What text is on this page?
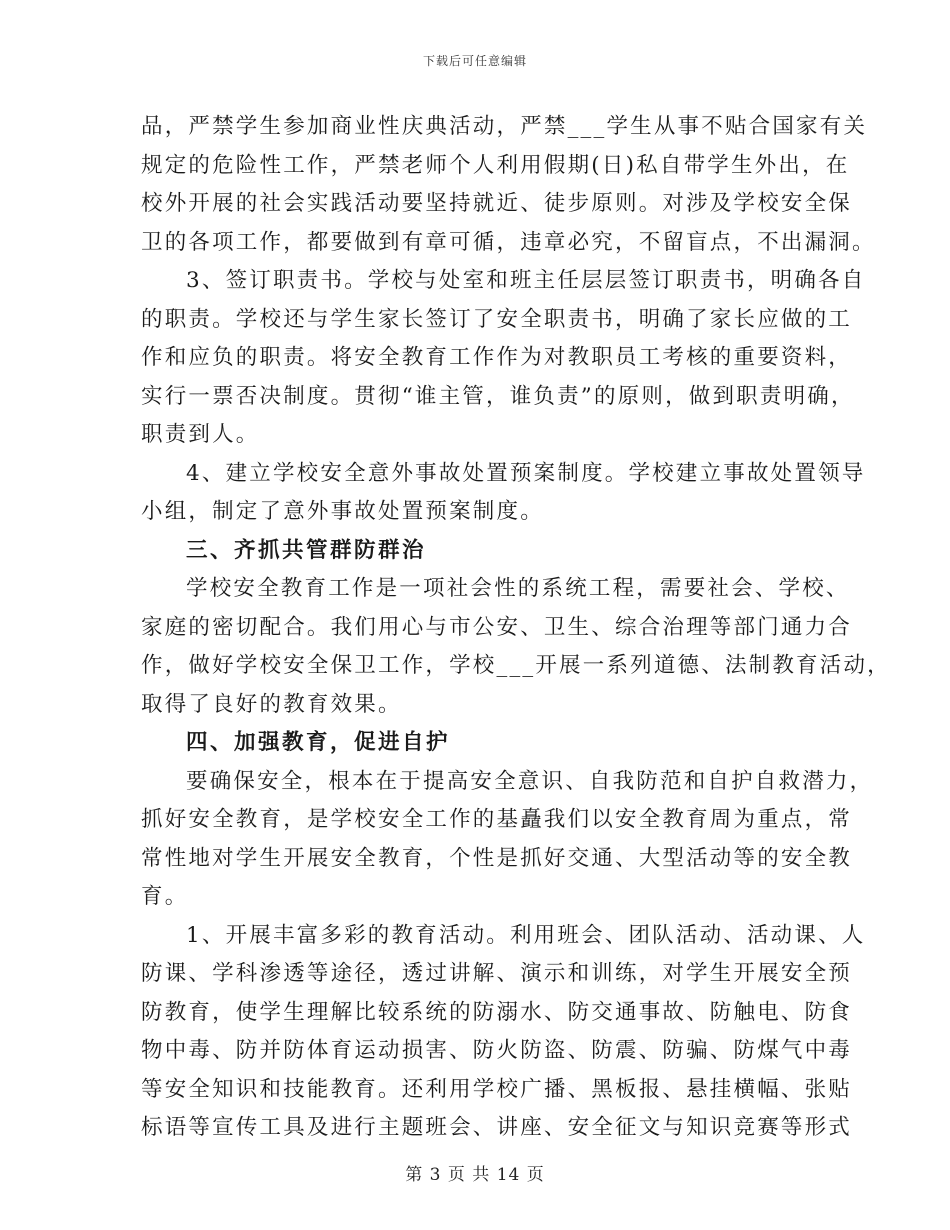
下载后可任意编辑
品，严禁学生参加商业性庆典活动，严禁___学生从事不贴合国家有关
规定的危险性工作，严禁老师个人利用假期(日)私自带学生外出，在
校外开展的社会实践活动要坚持就近、徒步原则。对涉及学校安全保
卫的各项工作，都要做到有章可循，违章必究，不留盲点，不出漏洞。
3、签订职责书。学校与处室和班主任层层签订职责书，明确各自
的职责。学校还与学生家长签订了安全职责书，明确了家长应做的工
作和应负的职责。将安全教育工作作为对教职员工考核的重要资料，
实行一票否决制度。贯彻“谁主管，谁负责”的原则，做到职责明确，
职责到人。
4、建立学校安全意外事故处置预案制度。学校建立事故处置领导
小组，制定了意外事故处置预案制度。
三、齐抓共管群防群治
学校安全教育工作是一项社会性的系统工程，需要社会、学校、
家庭的密切配合。我们用心与市公安、卫生、综合治理等部门通力合
作，做好学校安全保卫工作，学校___开展一系列道德、法制教育活动，
取得了良好的教育效果。
四、加强教育，促进自护
要确保安全，根本在于提高安全意识、自我防范和自护自救潜力，
抓好安全教育，是学校安全工作的基矗我们以安全教育周为重点，常
常性地对学生开展安全教育，个性是抓好交通、大型活动等的安全教
育。
1、开展丰富多彩的教育活动。利用班会、团队活动、活动课、人
防课、学科渗透等途径，透过讲解、演示和训练，对学生开展安全预
防教育，使学生理解比较系统的防溺水、防交通事故、防触电、防食
物中毒、防并防体育运动损害、防火防盗、防震、防骗、防煤气中毒
等安全知识和技能教育。还利用学校广播、黑板报、悬挂横幅、张贴
标语等宣传工具及进行主题班会、讲座、安全征文与知识竞赛等形式
第 3 页 共 14 页
